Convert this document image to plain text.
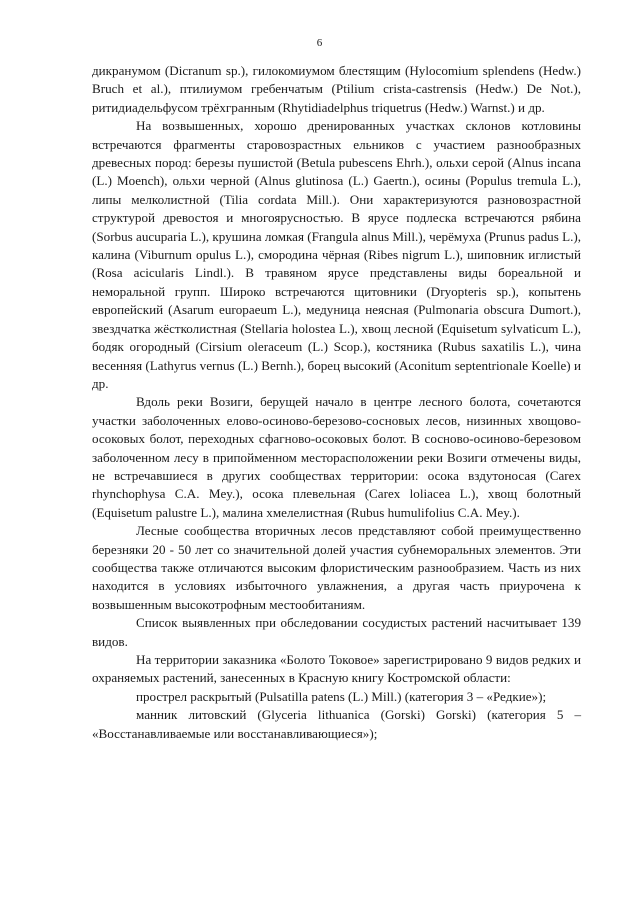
6

дикранумом (Dicranum sp.), гилокомиумом блестящим (Hylocomium splendens (Hedw.) Bruch et al.), птилиумом гребенчатым (Ptilium crista-castrensis (Hedw.) De Not.), ритидиадельфусом трёхгранным (Rhytidiadelphus triquetrus (Hedw.) Warnst.) и др.

На возвышенных, хорошо дренированных участках склонов котловины встречаются фрагменты старовозрастных ельников с участием разнообразных древесных пород: березы пушистой (Betula pubescens Ehrh.), ольхи серой (Alnus incana (L.) Moench), ольхи черной (Alnus glutinosa (L.) Gaertn.), осины (Populus tremula L.), липы мелколистной (Tilia cordata Mill.). Они характеризуются разновозрастной структурой древостоя и многоярусностью. В ярусе подлеска встречаются рябина (Sorbus aucuparia L.), крушина ломкая (Frangula alnus Mill.), черёмуха (Prunus padus L.), калина (Viburnum opulus L.), смородина чёрная (Ribes nigrum L.), шиповник иглистый (Rosa acicularis Lindl.). В травяном ярусе представлены виды бореальной и неморальной групп. Широко встречаются щитовники (Dryopteris sp.), копытень европейский (Asarum europaeum L.), медуница неясная (Pulmonaria obscura Dumort.), звездчатка жёстколистная (Stellaria holostea L.), хвощ лесной (Equisetum sylvaticum L.), бодяк огородный (Cirsium oleraceum (L.) Scop.), костяника (Rubus saxatilis L.), чина весенняя (Lathyrus vernus (L.) Bernh.), борец высокий (Aconitum septentrionale Koelle) и др.

Вдоль реки Возиги, берущей начало в центре лесного болота, сочетаются участки заболоченных елово-осиново-березово-сосновых лесов, низинных хвощово-осоковых болот, переходных сфагново-осоковых болот. В сосново-осиново-березовом заболоченном лесу в припойменном месторасположении реки Возиги отмечены виды, не встречавшиеся в других сообществах территории: осока вздутоносая (Carex rhynchophysa C.A. Mey.), осока плевельная (Carex loliacea L.), хвощ болотный (Equisetum palustre L.), малина хмелелистная (Rubus humulifolius C.A. Mey.).

Лесные сообщества вторичных лесов представляют собой преимущественно березняки 20 - 50 лет со значительной долей участия субнеморальных элементов. Эти сообщества также отличаются высоким флористическим разнообразием. Часть из них находится в условиях избыточного увлажнения, а другая часть приурочена к возвышенным высокотрофным местообитаниям.

Список выявленных при обследовании сосудистых растений насчитывает 139 видов.

На территории заказника «Болото Токовое» зарегистрировано 9 видов редких и охраняемых растений, занесенных в Красную книгу Костромской области:

прострел раскрытый (Pulsatilla patens (L.) Mill.) (категория 3 – «Редкие»);

манник литовский (Glyceria lithuanica (Gorski) Gorski) (категория 5 – «Восстанавливаемые или восстанавливающиеся»);
